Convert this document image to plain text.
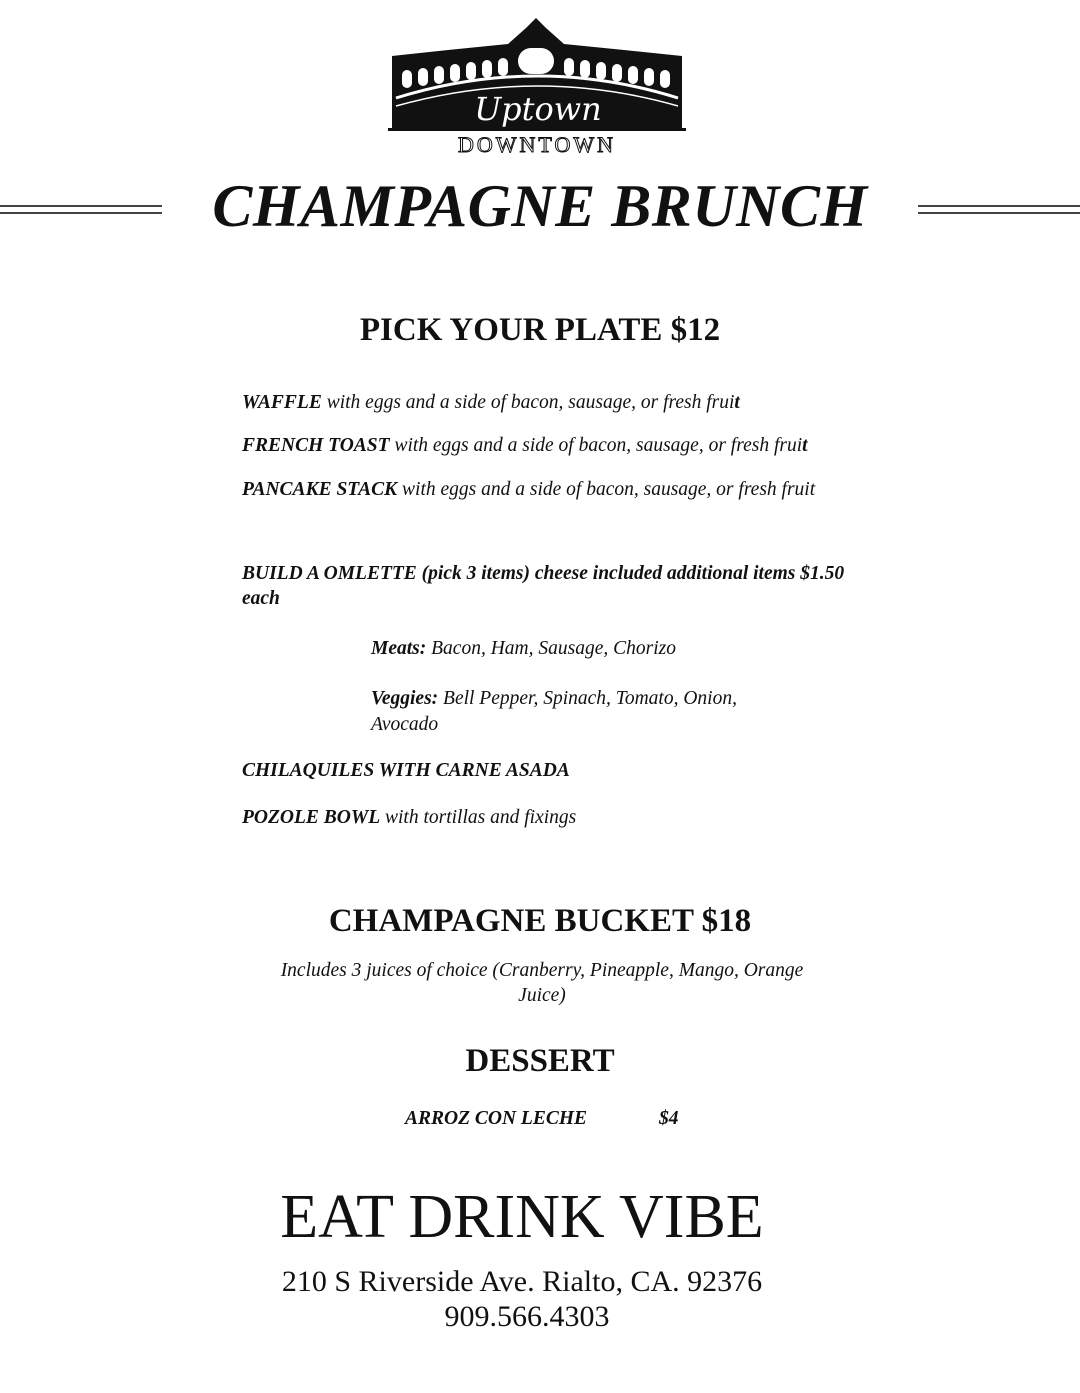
Uptown
DOWNTOWN
CHAMPAGNE BRUNCH
PICK YOUR PLATE $12
WAFFLE with eggs and a side of bacon, sausage, or fresh fruit
FRENCH TOAST with eggs and a side of bacon, sausage, or fresh fruit
PANCAKE STACK with eggs and a side of bacon, sausage, or fresh fruit
BUILD A OMLETTE (pick 3 items) cheese included additional items $1.50 each
Meats: Bacon, Ham, Sausage, Chorizo
Veggies: Bell Pepper, Spinach, Tomato, Onion, Avocado
CHILAQUILES WITH CARNE ASADA
POZOLE BOWL with tortillas and fixings
CHAMPAGNE BUCKET $18
Includes 3 juices of choice (Cranberry, Pineapple, Mango, Orange Juice)
DESSERT
ARROZ CON LECHE	$4
EAT DRINK VIBE
210 S Riverside Ave. Rialto, CA. 92376
909.566.4303
